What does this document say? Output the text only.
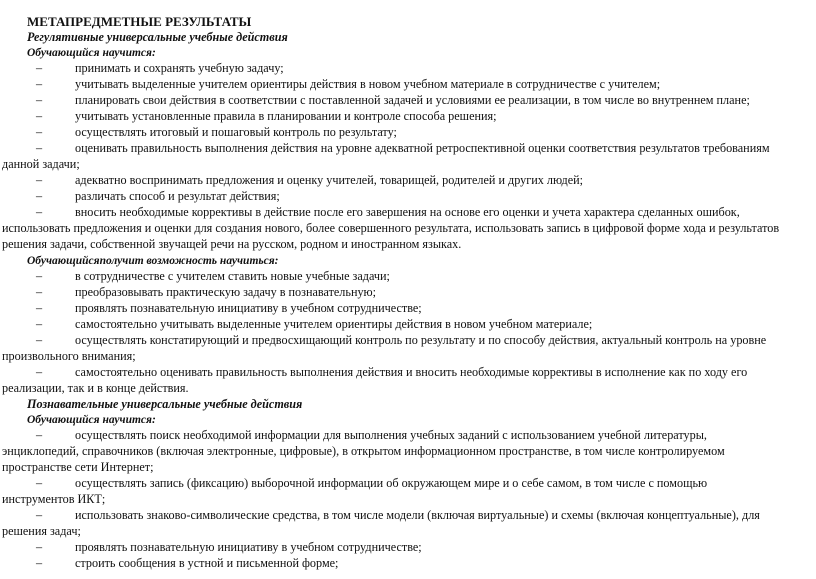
МЕТАПРЕДМЕТНЫЕ РЕЗУЛЬТАТЫ
Регулятивные универсальные учебные действия
Обучающийся научится:
–	принимать и сохранять учебную задачу;
–	учитывать выделенные учителем ориентиры действия в новом учебном материале в сотрудничестве с учителем;
–	планировать свои действия в соответствии с поставленной задачей и условиями ее реализации, в том числе во внутреннем плане;
–	учитывать установленные правила в планировании и контроле способа решения;
–	осуществлять итоговый и пошаговый контроль по результату;
–	оценивать правильность выполнения действия на уровне адекватной ретроспективной оценки соответствия результатов требованиям
данной задачи;
–	адекватно воспринимать предложения и оценку учителей, товарищей, родителей и других людей;
–	различать способ и результат действия;
–	вносить необходимые коррективы в действие после его завершения на основе его оценки и учета характера сделанных ошибок,
использовать предложения и оценки для создания нового, более совершенного результата, использовать запись в цифровой форме хода и результатов
решения задачи, собственной звучащей речи на русском, родном и иностранном языках.
Обучающийсяполучит возможность научиться:
–	в сотрудничестве с учителем ставить новые учебные задачи;
–	преобразовывать практическую задачу в познавательную;
–	проявлять познавательную инициативу в учебном сотрудничестве;
–	самостоятельно учитывать выделенные учителем ориентиры действия в новом учебном материале;
–	осуществлять констатирующий и предвосхищающий контроль по результату и по способу действия, актуальный контроль на уровне
произвольного внимания;
–	самостоятельно оценивать правильность выполнения действия и вносить необходимые коррективы в исполнение как по ходу его
реализации, так и в конце действия.
Познавательные универсальные учебные действия
Обучающийся научится:
–	осуществлять поиск необходимой информации для выполнения учебных заданий с использованием учебной литературы,
энциклопедий, справочников (включая электронные, цифровые), в открытом информационном пространстве, в том числе контролируемом
пространстве сети Интернет;
–	осуществлять запись (фиксацию) выборочной информации об окружающем мире и о себе самом, в том числе с помощью
инструментов ИКТ;
–	использовать знаково-символические средства, в том числе модели (включая виртуальные) и схемы (включая концептуальные), для
решения задач;
–	проявлять познавательную инициативу в учебном сотрудничестве;
–	строить сообщения в устной и письменной форме;
